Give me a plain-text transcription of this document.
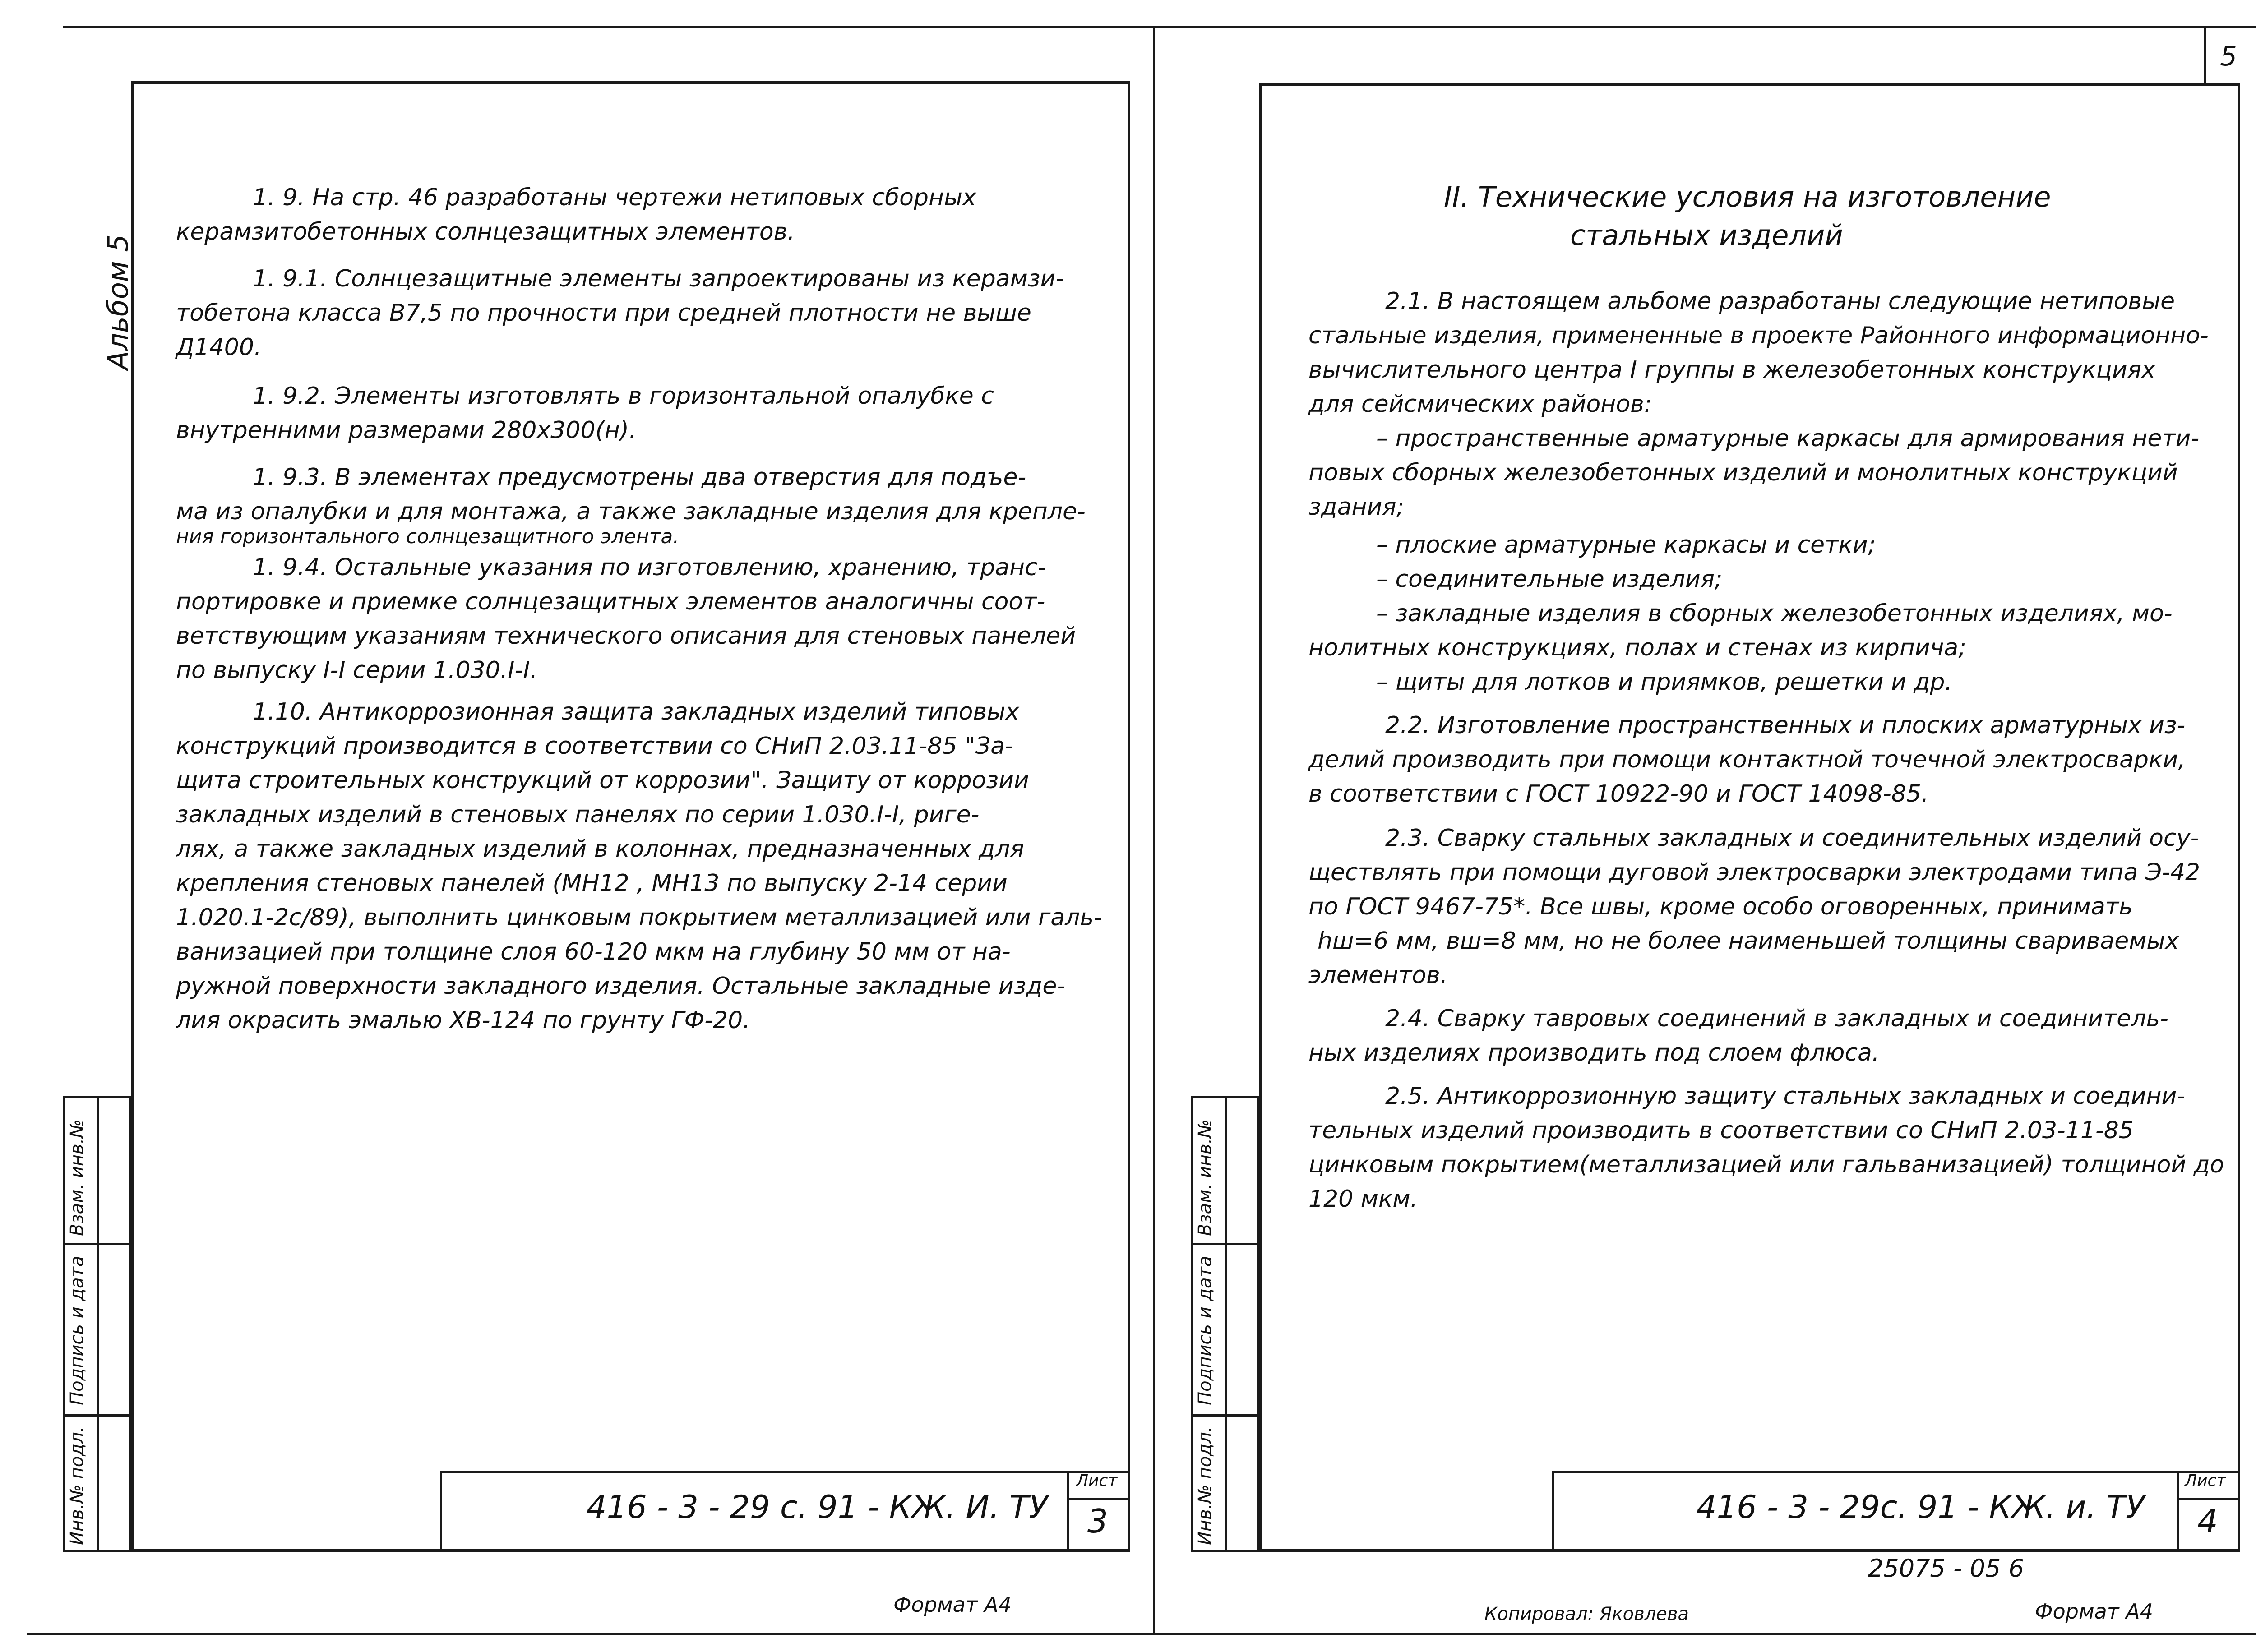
Альбом 5
1. 9. На стр. 46 разработаны чертежи нетиповых сборных
керамзитобетонных солнцезащитных элементов.
1. 9.1. Солнцезащитные элементы запроектированы из керамзи-
тобетона класса В7,5 по прочности при средней плотности не выше
Д1400.
1. 9.2. Элементы изготовлять в горизонтальной опалубке с
внутренними размерами 280х300(н).
1. 9.3. В элементах предусмотрены два отверстия для подъе-
ма из опалубки и для монтажа, а также закладные изделия для крепле-
ния горизонтального солнцезащитного элента.
1. 9.4. Остальные указания по изготовлению, хранению, транс-
портировке и приемке солнцезащитных элементов аналогичны соот-
ветствующим указаниям технического описания для стеновых панелей
по выпуску I-I серии 1.030.I-I.
1.10. Антикоррозионная защита закладных изделий типовых
конструкций производится в соответствии со СНиП 2.03.11-85 "За-
щита строительных конструкций от коррозии". Защиту от коррозии
закладных изделий в стеновых панелях по серии 1.030.I-I, риге-
лях, а также закладных изделий в колоннах, предназначенных для
крепления стеновых панелей (МН12 , МН13 по выпуску 2-14 серии
1.020.1-2с/89), выполнить цинковым покрытием металлизацией или галь-
ванизацией при толщине слоя 60-120 мкм на глубину 50 мм от на-
ружной поверхности закладного изделия. Остальные закладные изде-
лия окрасить эмалью ХВ-124 по грунту ГФ-20.
Инв.№ подл.
Подпись и дата
Взам. инв.№
416 - 3 - 29 с. 91 - КЖ. И. ТУ
Лист
3
Формат А4
5
II. Технические условия на изготовление
стальных изделий
2.1. В настоящем альбоме разработаны следующие нетиповые
стальные изделия, примененные в проекте Районного информационно-
вычислительного центра I группы в железобетонных конструкциях
для сейсмических районов:
– пространственные арматурные каркасы для армирования нети-
повых сборных железобетонных изделий и монолитных конструкций
здания;
– плоские арматурные каркасы и сетки;
– соединительные изделия;
– закладные изделия в сборных железобетонных изделиях, мо-
нолитных конструкциях, полах и стенах из кирпича;
– щиты для лотков и приямков, решетки и др.
2.2. Изготовление пространственных и плоских арматурных из-
делий производить при помощи контактной точечной электросварки,
в соответствии с ГОСТ 10922-90 и ГОСТ 14098-85.
2.3. Сварку стальных закладных и соединительных изделий осу-
ществлять при помощи дуговой электросварки электродами типа Э-42
по ГОСТ 9467-75*. Все швы, кроме особо оговоренных, принимать
hш=6 мм, вш=8 мм, но не более наименьшей толщины свариваемых
элементов.
2.4. Сварку тавровых соединений в закладных и соединитель-
ных изделиях производить под слоем флюса.
2.5. Антикоррозионную защиту стальных закладных и соедини-
тельных изделий производить в соответствии со СНиП 2.03-11-85
цинковым покрытием(металлизацией или гальванизацией) толщиной до
120 мкм.
Инв.№ подл.
Подпись и дата
Взам. инв.№
416 - 3 - 29с. 91 - КЖ. и. ТУ
Лист
4
25075 - 05 6
Копировал: Яковлева	Формат А4
